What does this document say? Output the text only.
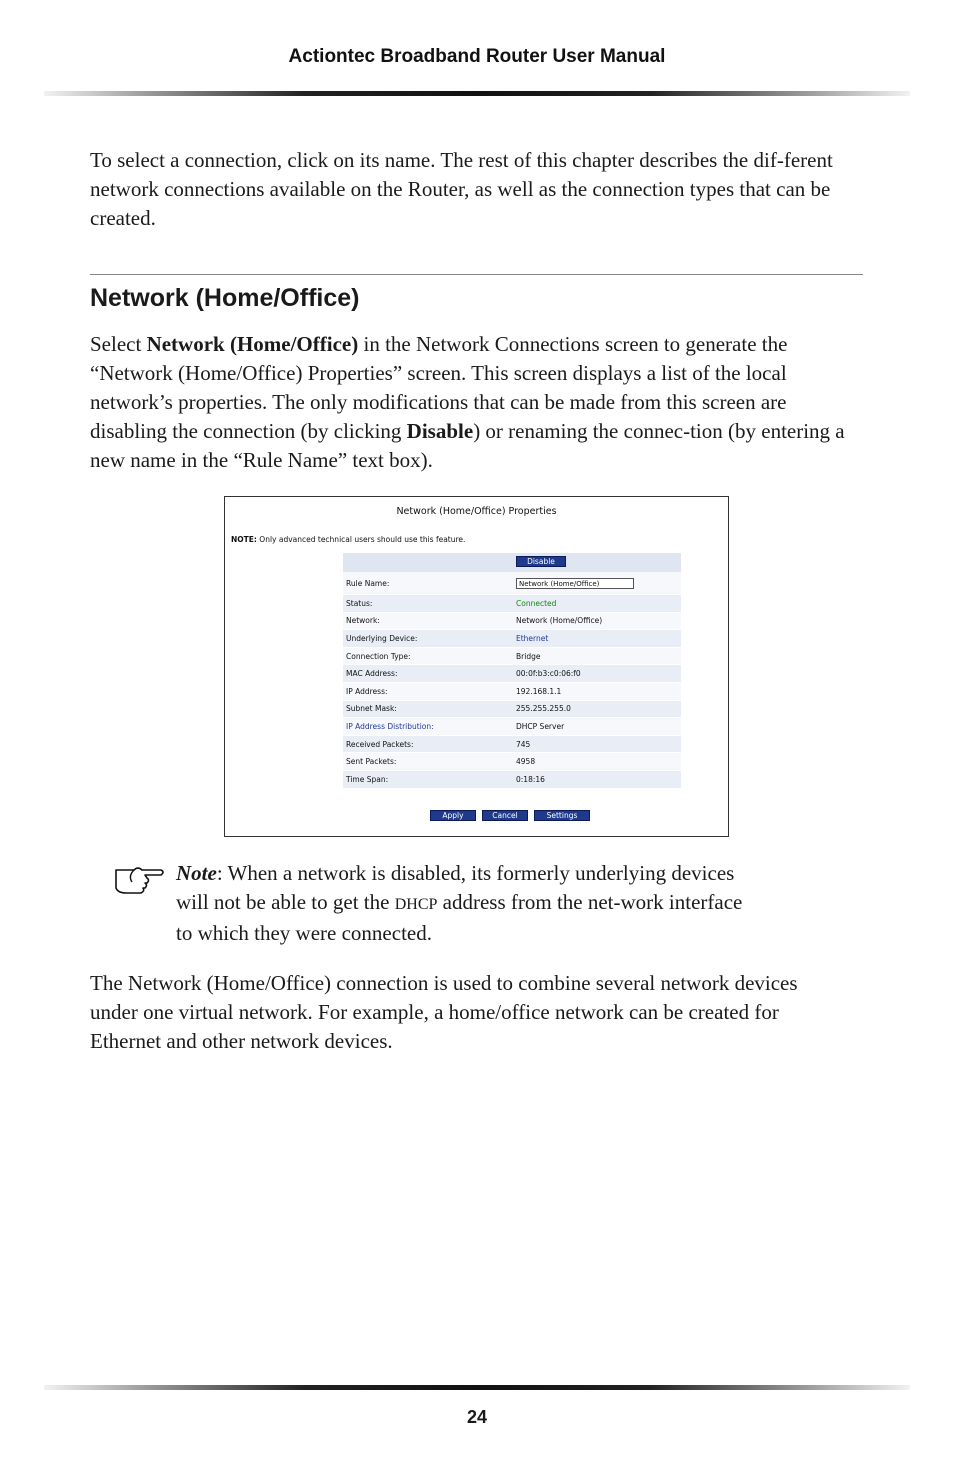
Actiontec Broadband Router User Manual

To select a connection, click on its name. The rest of this chapter describes the dif-ferent network connections available on the Router, as well as the connection types that can be created.

Network (Home/Office)

Select Network (Home/Office) in the Network Connections screen to generate the “Network (Home/Office) Properties” screen. This screen displays a list of the local network’s properties. The only modifications that can be made from this screen are disabling the connection (by clicking Disable) or renaming the connec-tion (by entering a new name in the “Rule Name” text box).

Network (Home/Office) Properties
NOTE: Only advanced technical users should use this feature.
Disable
Rule Name:	Network (Home/Office)
Status:	Connected
Network:	Network (Home/Office)
Underlying Device:	Ethernet
Connection Type:	Bridge
MAC Address:	00:0f:b3:c0:06:f0
IP Address:	192.168.1.1
Subnet Mask:	255.255.255.0
IP Address Distribution:	DHCP Server
Received Packets:	745
Sent Packets:	4958
Time Span:	0:18:16
Apply	Cancel	Settings

Note: When a network is disabled, its formerly underlying devices will not be able to get the DHCP address from the net-work interface to which they were connected.

The Network (Home/Office) connection is used to combine several network devices under one virtual network. For example, a home/office network can be created for Ethernet and other network devices.

24
